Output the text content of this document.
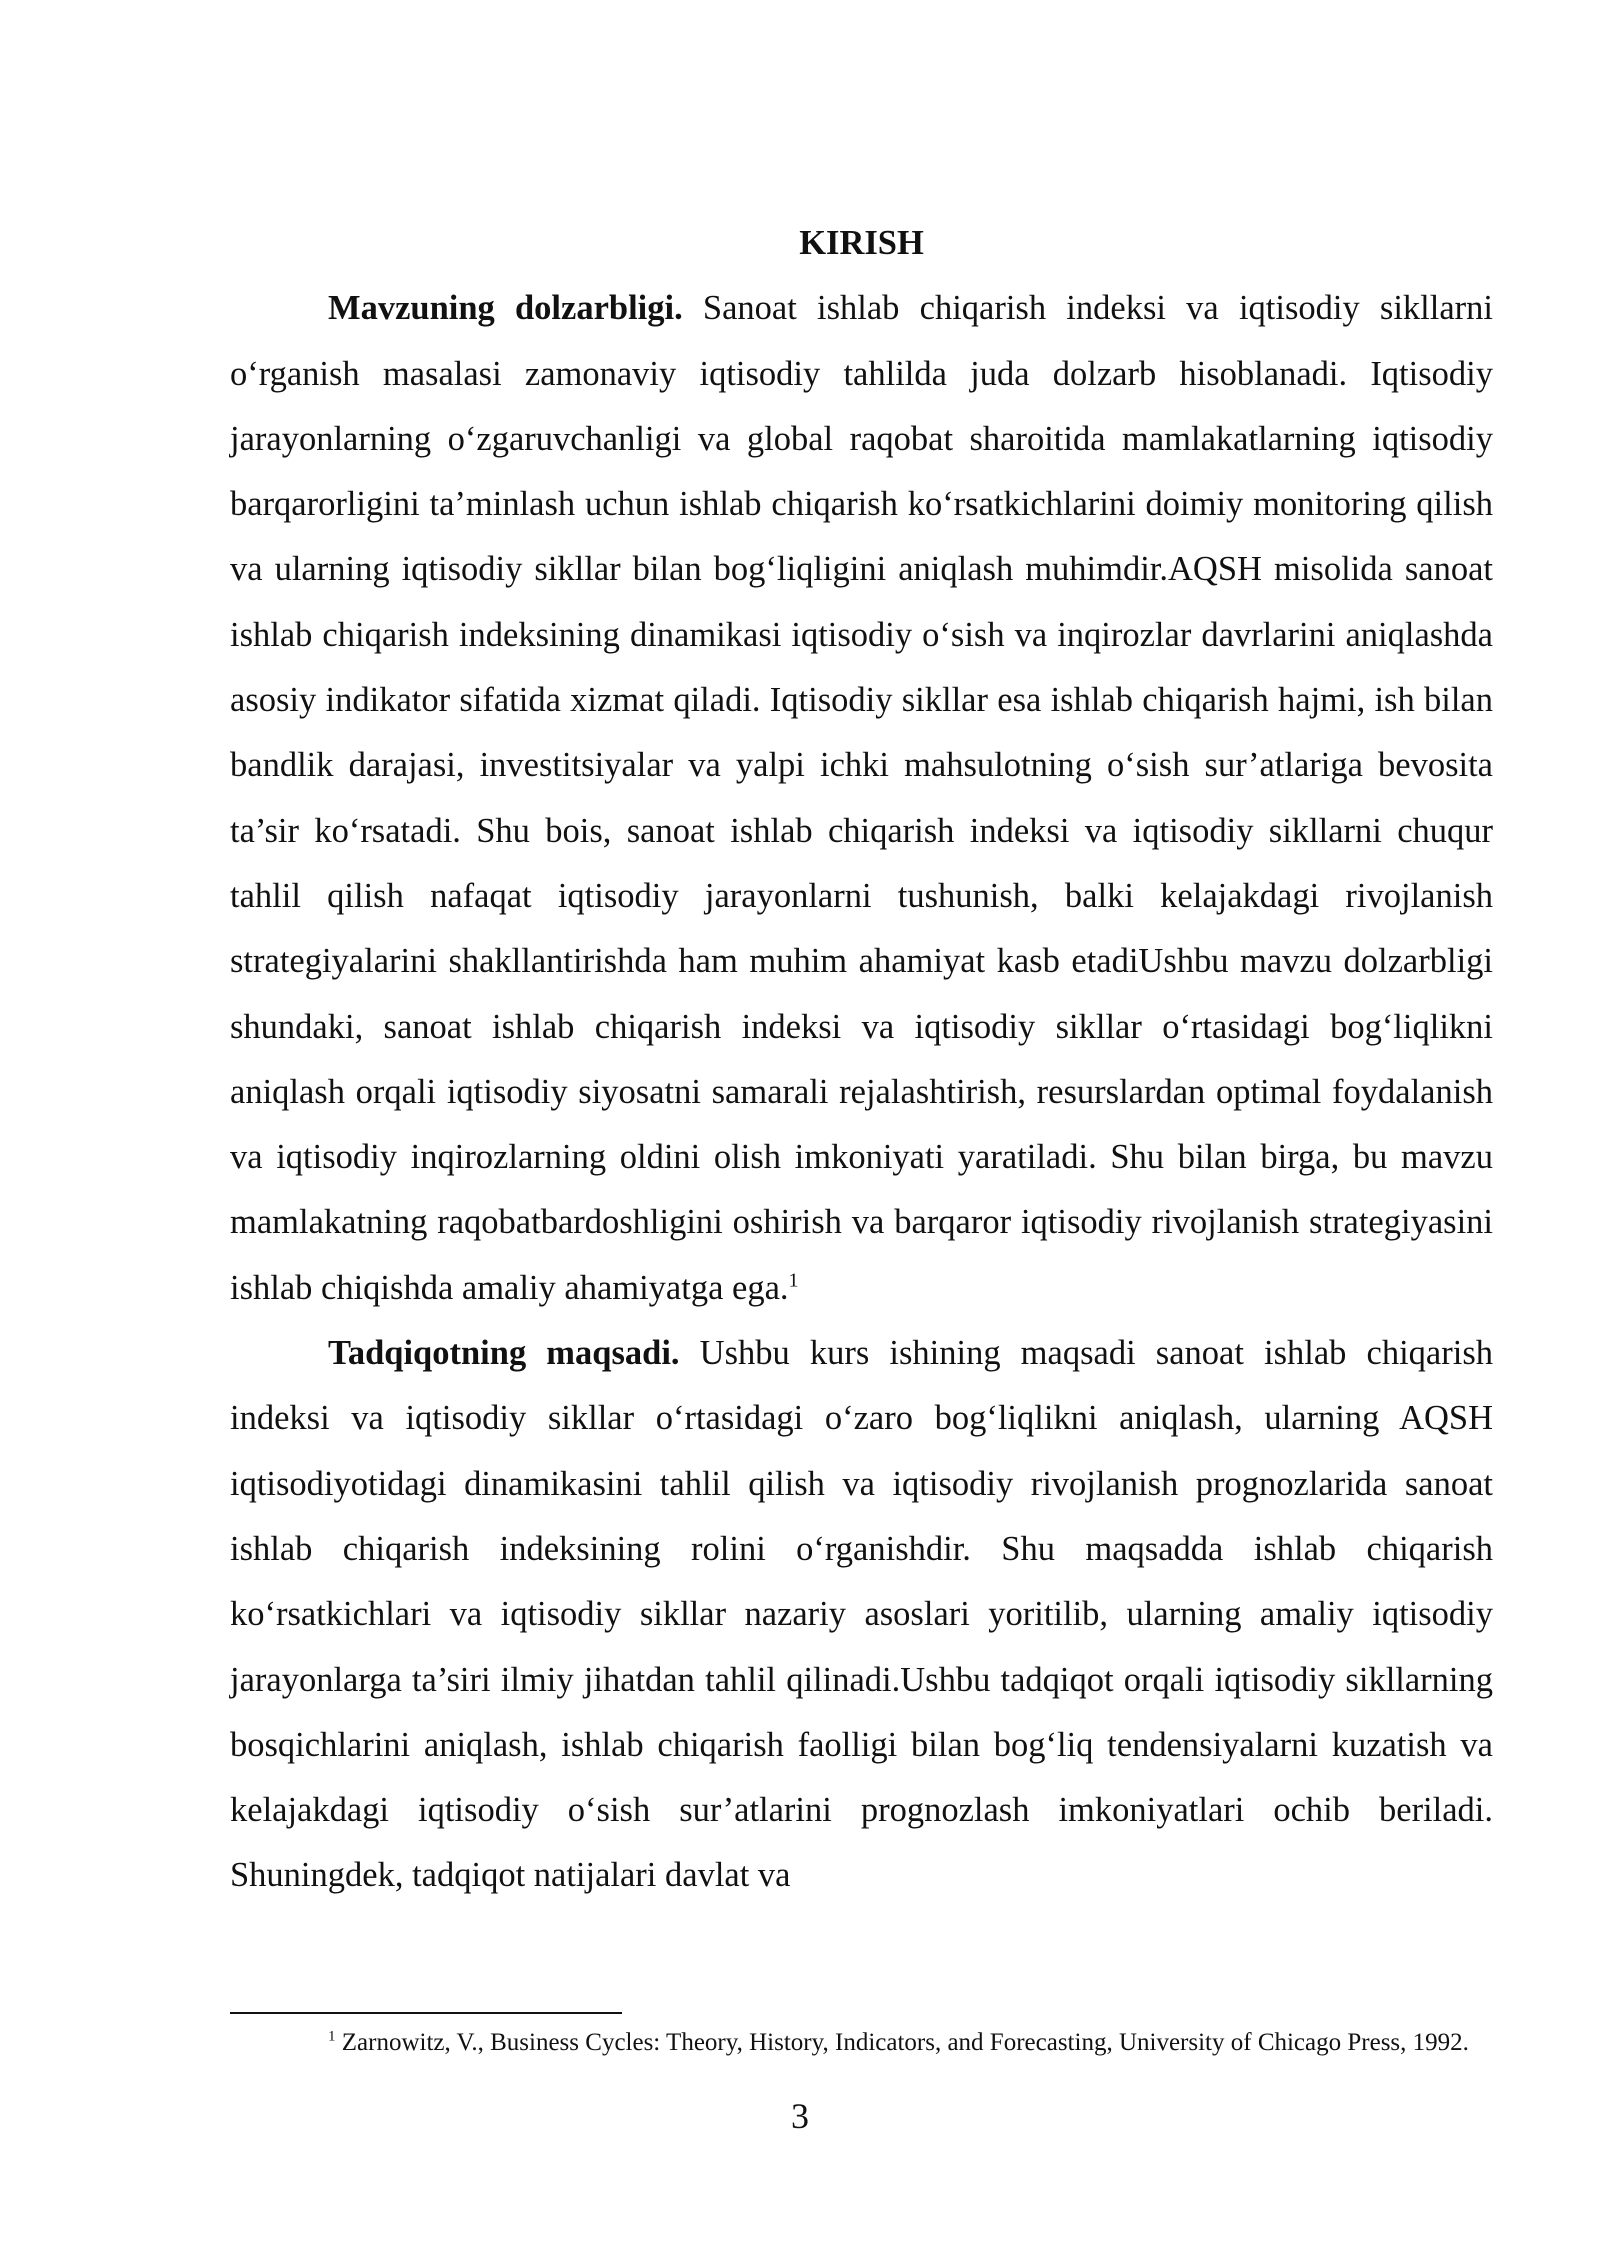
KIRISH

Mavzuning dolzarbligi. Sanoat ishlab chiqarish indeksi va iqtisodiy sikllarni o‘rganish masalasi zamonaviy iqtisodiy tahlilda juda dolzarb hisoblanadi. Iqtisodiy jarayonlarning o‘zgaruvchanligi va global raqobat sharoitida mamlakatlarning iqtisodiy barqarorligini ta’minlash uchun ishlab chiqarish ko‘rsatkichlarini doimiy monitoring qilish va ularning iqtisodiy sikllar bilan bog‘liqligini aniqlash muhimdir.AQSH misolida sanoat ishlab chiqarish indeksining dinamikasi iqtisodiy o‘sish va inqirozlar davrlarini aniqlashda asosiy indikator sifatida xizmat qiladi. Iqtisodiy sikllar esa ishlab chiqarish hajmi, ish bilan bandlik darajasi, investitsiyalar va yalpi ichki mahsulotning o‘sish sur’atlariga bevosita ta’sir ko‘rsatadi. Shu bois, sanoat ishlab chiqarish indeksi va iqtisodiy sikllarni chuqur tahlil qilish nafaqat iqtisodiy jarayonlarni tushunish, balki kelajakdagi rivojlanish strategiyalarini shakllantirishda ham muhim ahamiyat kasb etadiUshbu mavzu dolzarbligi shundaki, sanoat ishlab chiqarish indeksi va iqtisodiy sikllar o‘rtasidagi bog‘liqlikni aniqlash orqali iqtisodiy siyosatni samarali rejalashtirish, resurslardan optimal foydalanish va iqtisodiy inqirozlarning oldini olish imkoniyati yaratiladi. Shu bilan birga, bu mavzu mamlakatning raqobatbardoshligini oshirish va barqaror iqtisodiy rivojlanish strategiyasini ishlab chiqishda amaliy ahamiyatga ega.$^1$

Tadqiqotning maqsadi. Ushbu kurs ishining maqsadi sanoat ishlab chiqarish indeksi va iqtisodiy sikllar o‘rtasidagi o‘zaro bog‘liqlikni aniqlash, ularning AQSH iqtisodiyotidagi dinamikasini tahlil qilish va iqtisodiy rivojlanish prognozlarida sanoat ishlab chiqarish indeksining rolini o‘rganishdir. Shu maqsadda ishlab chiqarish ko‘rsatkichlari va iqtisodiy sikllar nazariy asoslari yoritilib, ularning amaliy iqtisodiy jarayonlarga ta’siri ilmiy jihatdan tahlil qilinadi.Ushbu tadqiqot orqali iqtisodiy sikllarning bosqichlarini aniqlash, ishlab chiqarish faolligi bilan bog‘liq tendensiyalarni kuzatish va kelajakdagi iqtisodiy o‘sish sur’atlarini prognozlash imkoniyatlari ochib beriladi. Shuningdek, tadqiqot natijalari davlat va

$^1$ Zarnowitz, V., Business Cycles: Theory, History, Indicators, and Forecasting, University of Chicago Press, 1992.

3
